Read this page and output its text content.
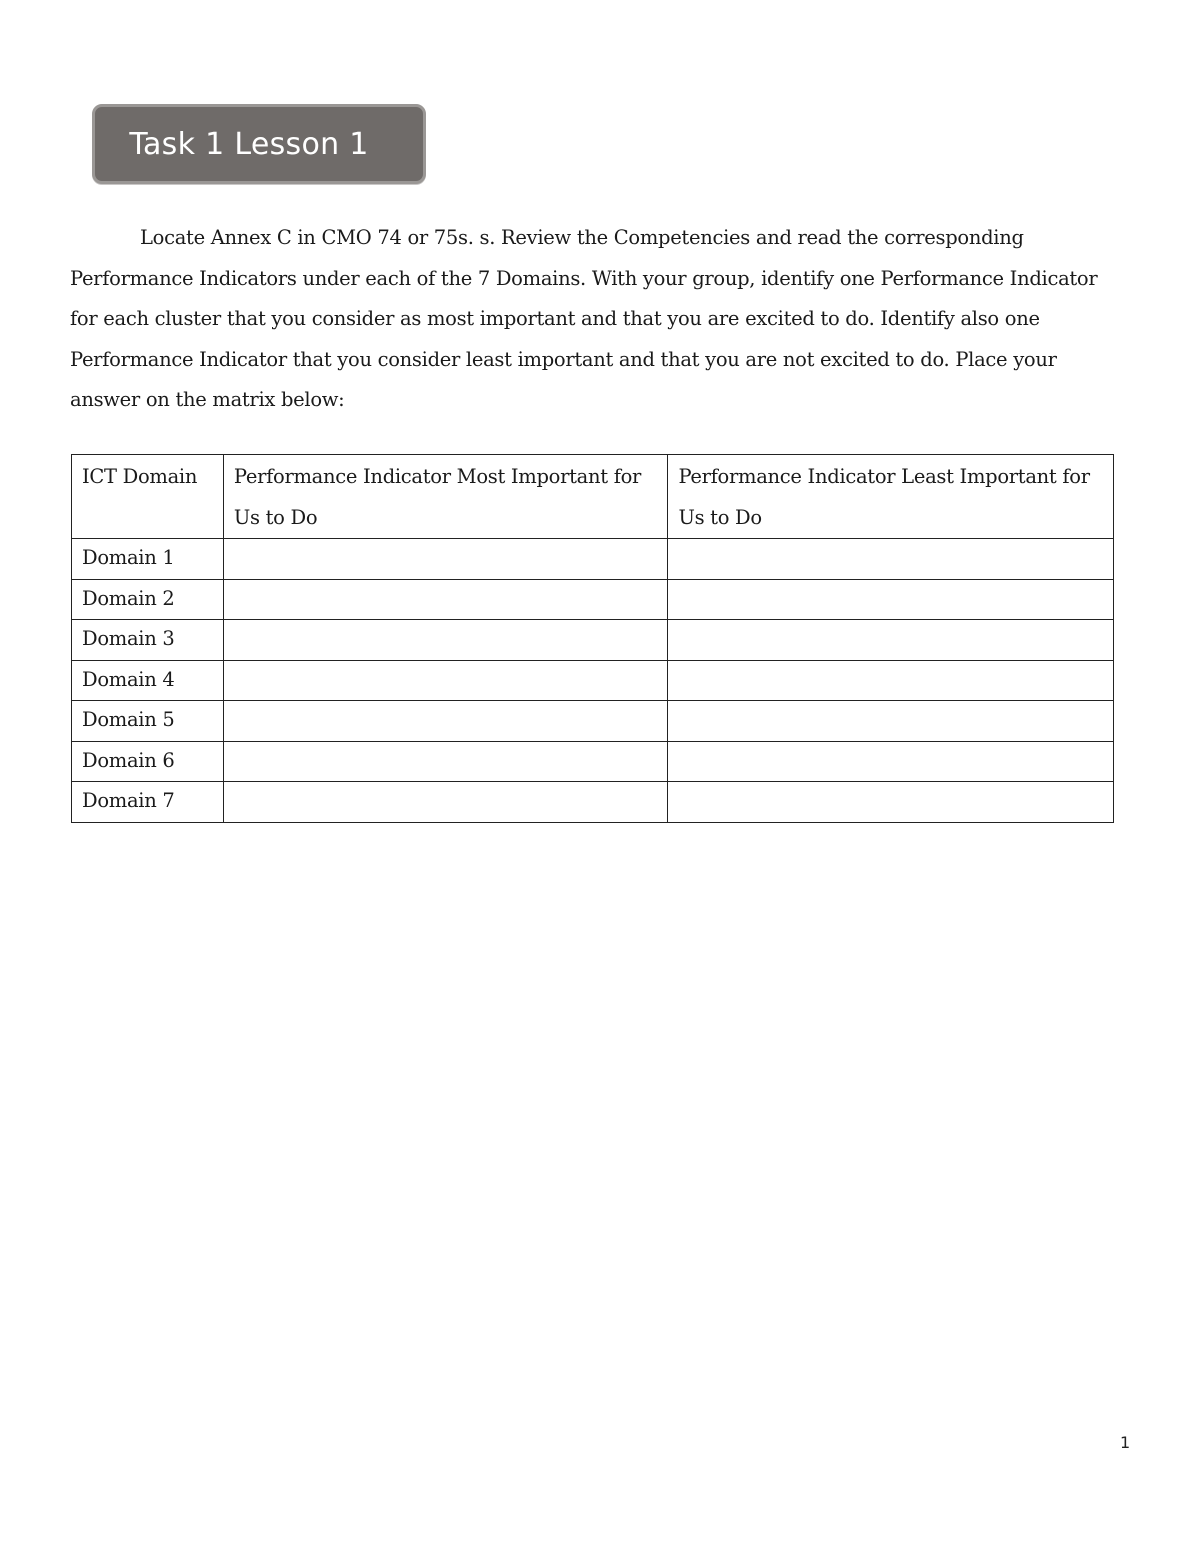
Task 1 Lesson 1

Locate Annex C in CMO 74 or 75s. s. Review the Competencies and read the corresponding Performance Indicators under each of the 7 Domains. With your group, identify one Performance Indicator for each cluster that you consider as most important and that you are excited to do. Identify also one Performance Indicator that you consider least important and that you are not excited to do. Place your answer on the matrix below:

ICT Domain	Performance Indicator Most Important for Us to Do	Performance Indicator Least Important for Us to Do
Domain 1		
Domain 2		
Domain 3		
Domain 4		
Domain 5		
Domain 6		
Domain 7		
1
